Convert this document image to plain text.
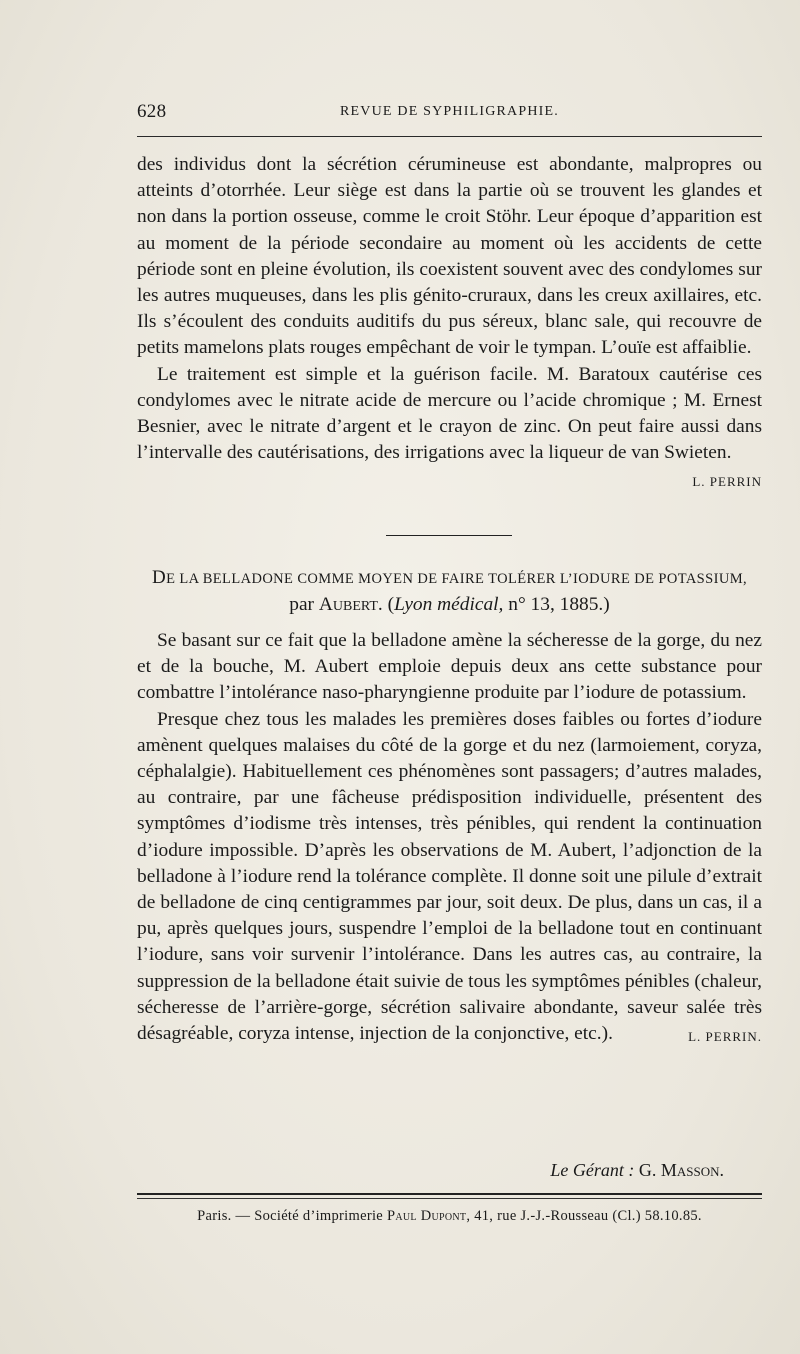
628	REVUE DE SYPHILIGRAPHIE.

des individus dont la sécrétion cérumineuse est abondante, malpropres ou atteints d’otorrhée. Leur siège est dans la partie où se trouvent les glandes et non dans la portion osseuse, comme le croit Stöhr. Leur époque d’apparition est au moment de la période secondaire au moment où les accidents de cette période sont en pleine évolution, ils coexistent souvent avec des condylomes sur les autres muqueuses, dans les plis génito-cruraux, dans les creux axillaires, etc. Ils s’écoulent des conduits auditifs du pus séreux, blanc sale, qui recouvre de petits mamelons plats rouges empêchant de voir le tympan. L’ouïe est affaiblie.

Le traitement est simple et la guérison facile. M. Baratoux cautérise ces condylomes avec le nitrate acide de mercure ou l’acide chromique ; M. Ernest Besnier, avec le nitrate d’argent et le crayon de zinc. On peut faire aussi dans l’intervalle des cautérisations, des irrigations avec la liqueur de van Swieten.
L. PERRIN

DE LA BELLADONE COMME MOYEN DE FAIRE TOLÉRER L’IODURE DE POTASSIUM,
par Aubert. (Lyon médical, n° 13, 1885.)

Se basant sur ce fait que la belladone amène la sécheresse de la gorge, du nez et de la bouche, M. Aubert emploie depuis deux ans cette substance pour combattre l’intolérance naso-pharyngienne produite par l’iodure de potassium.

Presque chez tous les malades les premières doses faibles ou fortes d’iodure amènent quelques malaises du côté de la gorge et du nez (larmoiement, coryza, céphalalgie). Habituellement ces phénomènes sont passagers; d’autres malades, au contraire, par une fâcheuse prédisposition individuelle, présentent des symptômes d’iodisme très intenses, très pénibles, qui rendent la continuation d’iodure impossible. D’après les observations de M. Aubert, l’adjonction de la belladone à l’iodure rend la tolérance complète. Il donne soit une pilule d’extrait de belladone de cinq centigrammes par jour, soit deux. De plus, dans un cas, il a pu, après quelques jours, suspendre l’emploi de la belladone tout en continuant l’iodure, sans voir survenir l’intolérance. Dans les autres cas, au contraire, la suppression de la belladone était suivie de tous les symptômes pénibles (chaleur, sécheresse de l’arrière-gorge, sécrétion salivaire abondante, saveur salée très désagréable, coryza intense, injection de la conjonctive, etc.).	L. PERRIN.

Le Gérant : G. Masson.
Paris. — Société d’imprimerie Paul Dupont, 41, rue J.-J.-Rousseau (Cl.) 58.10.85.
